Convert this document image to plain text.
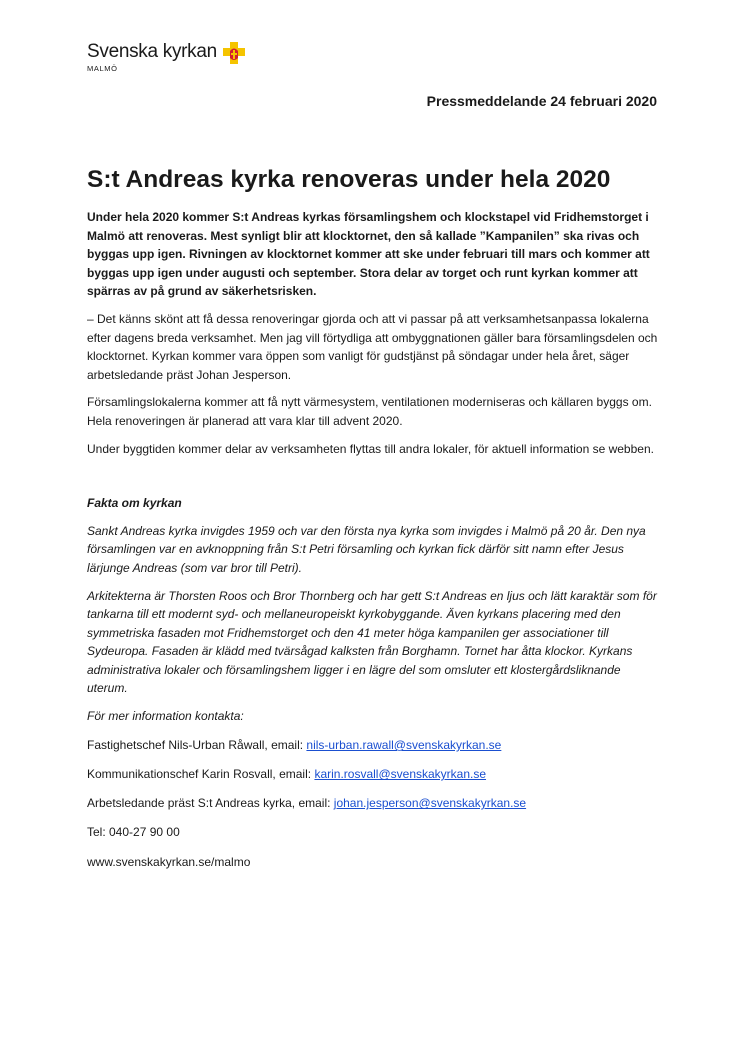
Svenska kyrkan
MALMÖ
Pressmeddelande 24 februari 2020
S:t Andreas kyrka renoveras under hela 2020

Under hela 2020 kommer S:t Andreas kyrkas församlingshem och klockstapel vid Fridhemstorget i Malmö att renoveras. Mest synligt blir att klocktornet, den så kallade ”Kampanilen” ska rivas och byggas upp igen. Rivningen av klocktornet kommer att ske under februari till mars och kommer att byggas upp igen under augusti och september. Stora delar av torget och runt kyrkan kommer att spärras av på grund av säkerhetsrisken.

– Det känns skönt att få dessa renoveringar gjorda och att vi passar på att verksamhetsanpassa lokalerna efter dagens breda verksamhet. Men jag vill förtydliga att ombyggnationen gäller bara församlingsdelen och klocktornet. Kyrkan kommer vara öppen som vanligt för gudstjänst på söndagar under hela året, säger arbetsledande präst Johan Jesperson.

Församlingslokalerna kommer att få nytt värmesystem, ventilationen moderniseras och källaren byggs om. Hela renoveringen är planerad att vara klar till advent 2020.

Under byggtiden kommer delar av verksamheten flyttas till andra lokaler, för aktuell information se webben.

Fakta om kyrkan

Sankt Andreas kyrka invigdes 1959 och var den första nya kyrka som invigdes i Malmö på 20 år. Den nya församlingen var en avknoppning från S:t Petri församling och kyrkan fick därför sitt namn efter Jesus lärjunge Andreas (som var bror till Petri).

Arkitekterna är Thorsten Roos och Bror Thornberg och har gett S:t Andreas en ljus och lätt karaktär som för tankarna till ett modernt syd- och mellaneuropeiskt kyrkobyggande. Även kyrkans placering med den symmetriska fasaden mot Fridhemstorget och den 41 meter höga kampanilen ger associationer till Sydeuropa. Fasaden är klädd med tvärsågad kalksten från Borghamn. Tornet har åtta klockor. Kyrkans administrativa lokaler och församlingshem ligger i en lägre del som omsluter ett klostergårdsliknande uterum.

För mer information kontakta:

Fastighetschef Nils-Urban Råwall, email: nils-urban.rawall@svenskakyrkan.se

Kommunikationschef Karin Rosvall, email: karin.rosvall@svenskakyrkan.se

Arbetsledande präst S:t Andreas kyrka, email: johan.jesperson@svenskakyrkan.se

Tel: 040-27 90 00

www.svenskakyrkan.se/malmo
